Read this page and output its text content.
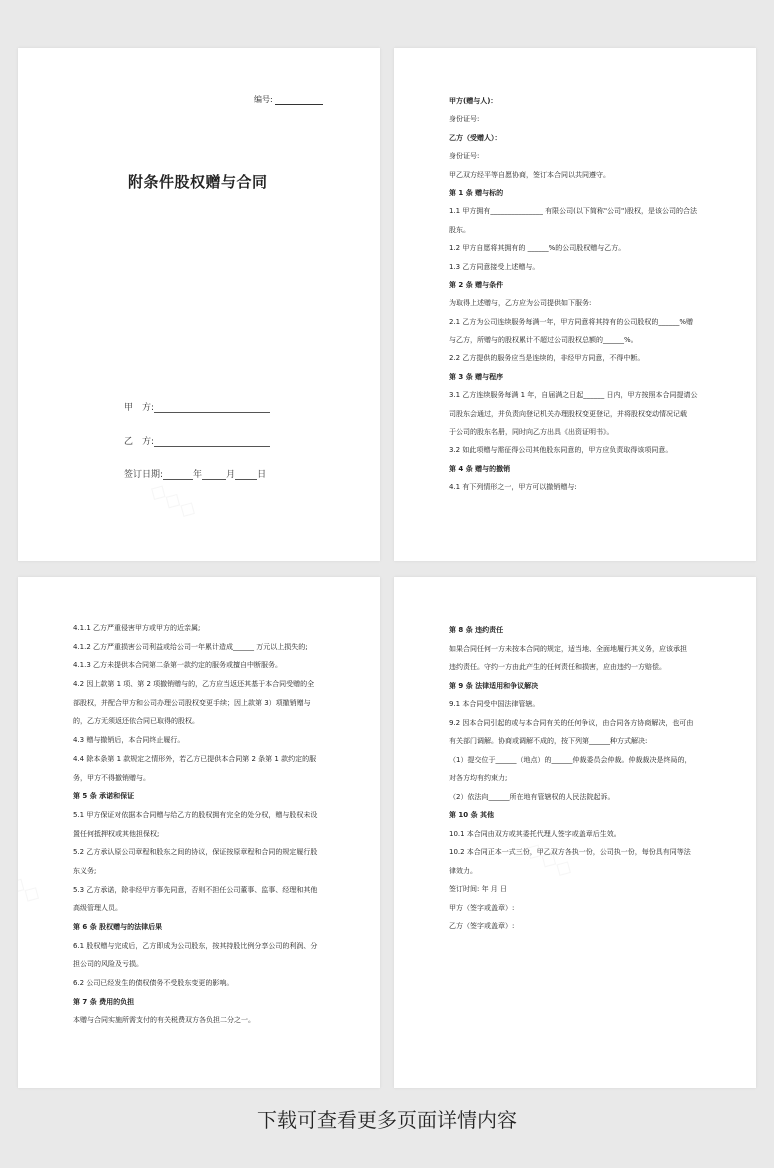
编号:
附条件股权赠与合同
甲　方:
乙　方:
签订日期:	年	月 日
甲方(赠与人)：
身份证号:
乙方（受赠人）：
身份证号:
甲乙双方经平等自愿协商，签订本合同以共同遵守。
第 1 条 赠与标的
1.1 甲方拥有_______________ 有限公司(以下简称"公司")股权，是该公司的合法
股东。
1.2 甲方自愿将其拥有的 ______%的公司股权赠与乙方。
1.3 乙方同意接受上述赠与。
第 2 条 赠与条件
为取得上述赠与，乙方应为公司提供如下服务:
2.1 乙方为公司连续服务每满一年，甲方同意将其持有的公司股权的______%赠
与乙方，所赠与的股权累计不超过公司股权总额的______%。
2.2 乙方提供的服务应当是连续的，非经甲方同意，不得中断。
第 3 条 赠与程序
3.1 乙方连续服务每满 1 年，自届满之日起______ 日内，甲方按照本合同提请公
司股东会通过，并负责向登记机关办理股权变更登记，并将股权变动情况记载
于公司的股东名册，同时向乙方出具《出资证明书》。
3.2 如此项赠与需征得公司其他股东同意的，甲方应负责取得该项同意。
第 4 条 赠与的撤销
4.1 有下列情形之一，甲方可以撤销赠与:
4.1.1 乙方严重侵害甲方或甲方的近亲属;
4.1.2 乙方严重损害公司利益或给公司一年累计造成______ 万元以上损失的;
4.1.3 乙方未提供本合同第二条第一款约定的服务或擅自中断服务。
4.2 因上款第 1 项、第 2 项撤销赠与的，乙方应当返还其基于本合同受赠的全
部股权，并配合甲方和公司办理公司股权变更手续；因上款第 3）项撤销赠与
的，乙方无须返还依合同已取得的股权。
4.3 赠与撤销后，本合同终止履行。
4.4 除本条第 1 款规定之情形外，若乙方已提供本合同第 2 条第 1 款约定的服
务，甲方不得撤销赠与。
第 5 条 承诺和保证
5.1 甲方保证对依据本合同赠与给乙方的股权拥有完全的处分权，赠与股权未设
置任何抵押权或其他担保权;
5.2 乙方承认原公司章程和股东之间的协议，保证按原章程和合同的规定履行股
东义务;
5.3 乙方承诺，除非经甲方事先同意，否则不担任公司董事、监事、经理和其他
高级管理人员。
第 6 条 股权赠与的法律后果
6.1 股权赠与完成后，乙方即成为公司股东，按其持股比例分享公司的利润、分
担公司的风险及亏损。
6.2 公司已经发生的债权债务不受股东变更的影响。
第 7 条 费用的负担
本赠与合同实施所需支付的有关税费双方各负担二分之一。
第 8 条 违约责任
如果合同任何一方未按本合同的规定，适当地、全面地履行其义务，应该承担
违约责任。守约一方由此产生的任何责任和损害，应由违约一方赔偿。
第 9 条 法律适用和争议解决
9.1 本合同受中国法律管辖。
9.2 因本合同引起的或与本合同有关的任何争议，由合同各方协商解决，也可由
有关部门调解。协商或调解不成的，按下列第______种方式解决:
（1）提交位于______（地点）的______仲裁委员会仲裁。仲裁裁决是终局的，
对各方均有约束力;
（2）依法向______所在地有管辖权的人民法院起诉。
第 10 条 其他
10.1 本合同由双方或其委托代理人签字或盖章后生效。
10.2 本合同正本一式三份，甲乙双方各执一份，公司执一份，每份具有同等法
律效力。
签订时间: 年 月 日
甲方（签字或盖章）:
乙方（签字或盖章）:
下载可查看更多页面详情内容
